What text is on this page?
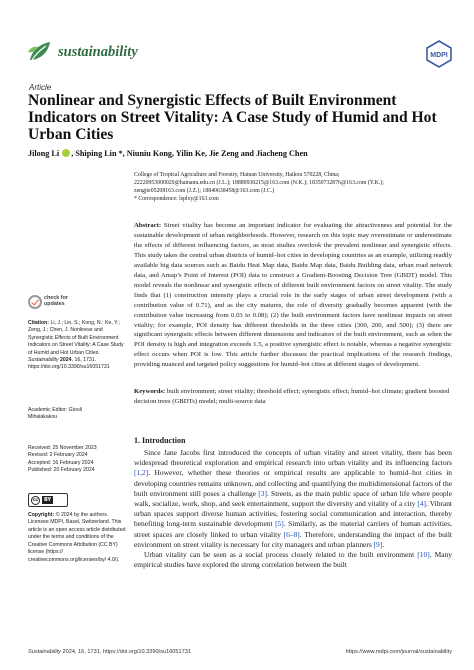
sustainability	MDPI
Article
Nonlinear and Synergistic Effects of Built Environment Indicators on Street Vitality: A Case Study of Humid and Hot Urban Cities
Jilong Li , Shiping Lin *, Niuniu Kong, Yilin Ke, Jie Zeng and Jiacheng Chen
College of Tropical Agriculture and Forestry, Hainan University, Haikou 570228, China;
22220953000029@hainanu.edu.cn (J.L.); 18889930215@163.com (N.K.); 18350732876@163.com (Y.K.);
zengjie05208163.com (J.Z.); 18840638458@163.com (J.C.)
* Correspondence: lsplxy@163.com
Abstract: Street vitality has become an important indicator for evaluating the attractiveness and potential for the sustainable development of urban neighborhoods. However, research on this topic may overestimate or underestimate the effects of different influencing factors, as most studies overlook the prevalent nonlinear and synergistic effects. This study takes the central urban districts of humid–hot cities in developing countries as an example, utilizing readily available big data sources such as Baidu Heat Map data, Baidu Map data, Baidu Building data, urban road network data, and Amap’s Point of Interest (POI) data to construct a Gradient-Boosting Decision Tree (GBDT) model. This model reveals the nonlinear and synergistic effects of different built environment factors on street vitality. The study finds that (1) construction intensity plays a crucial role in the early stages of urban street development (with a contribution value of 0.71), and as the city matures, the role of diversity gradually becomes apparent (with the contribution value increasing from 0.03 to 0.08); (2) the built environment factors have nonlinear impacts on street vitality; for example, POI density has different thresholds in the three cities (300, 200, and 500); (3) there are significant synergistic effects between different dimensions and indicators of the built environment, such as when the POI density is high and integration exceeds 1.5, a positive synergistic effect is notable, whereas a negative synergistic effect occurs when POI is low. This article further discusses the practical implications of the research findings, providing nuanced and targeted policy suggestions for humid–hot cities at different stages of development.
Keywords: built environment; street vitality; threshold effect; synergistic effect; humid–hot climate; gradient boosted decision trees (GBDTs) model; multi-source data
check for
updates
Citation: Li, J.; Lin, S.; Kong, N.; Ke, Y.; Zeng, J.; Chen, J. Nonlinear and Synergistic Effects of Built Environment Indicators on Street Vitality: A Case Study of Humid and Hot Urban Cities. Sustainability 2024, 16, 1731. https://doi.org/10.3390/su16051731
Academic Editor: Giouli
Mihalakakou
Received: 25 November 2023
Revised: 2 February 2024
Accepted: 16 February 2024
Published: 20 February 2024
cc	BY
Copyright: © 2024 by the authors. Licensee MDPI, Basel, Switzerland. This article is an open access article distributed under the terms and conditions of the Creative Commons Attribution (CC BY) license (https:// creativecommons.org/licenses/by/ 4.0/).
1. Introduction

Since Jane Jacobs first introduced the concepts of urban vitality and street vitality, there has been widespread theoretical exploration and empirical research into urban vitality and its influencing factors [1,2]. However, whether these theories or empirical results are applicable to humid–hot cities in developing countries remains unknown, and collecting and quantifying the multidimensional factors of the built environment still poses a challenge [3]. Streets, as the main public space of urban life where people walk, socialize, work, shop, and seek entertainment, support the diversity and vitality of a city [4]. Vibrant urban spaces support diverse human activities, fostering social communication and interaction, thereby benefiting long-term sustainable development [5]. Similarly, as the material carriers of human activities, street spaces are closely linked to urban vitality [6–8]. Therefore, understanding the impact of the built environment on street vitality is necessary for city managers and urban planners [9].

Urban vitality can be seen as a social process closely related to the built environment [10]. Many empirical studies have explored the strong correlation between the built

Sustainability 2024, 16, 1731. https://doi.org/10.3390/su16051731	https://www.mdpi.com/journal/sustainability
